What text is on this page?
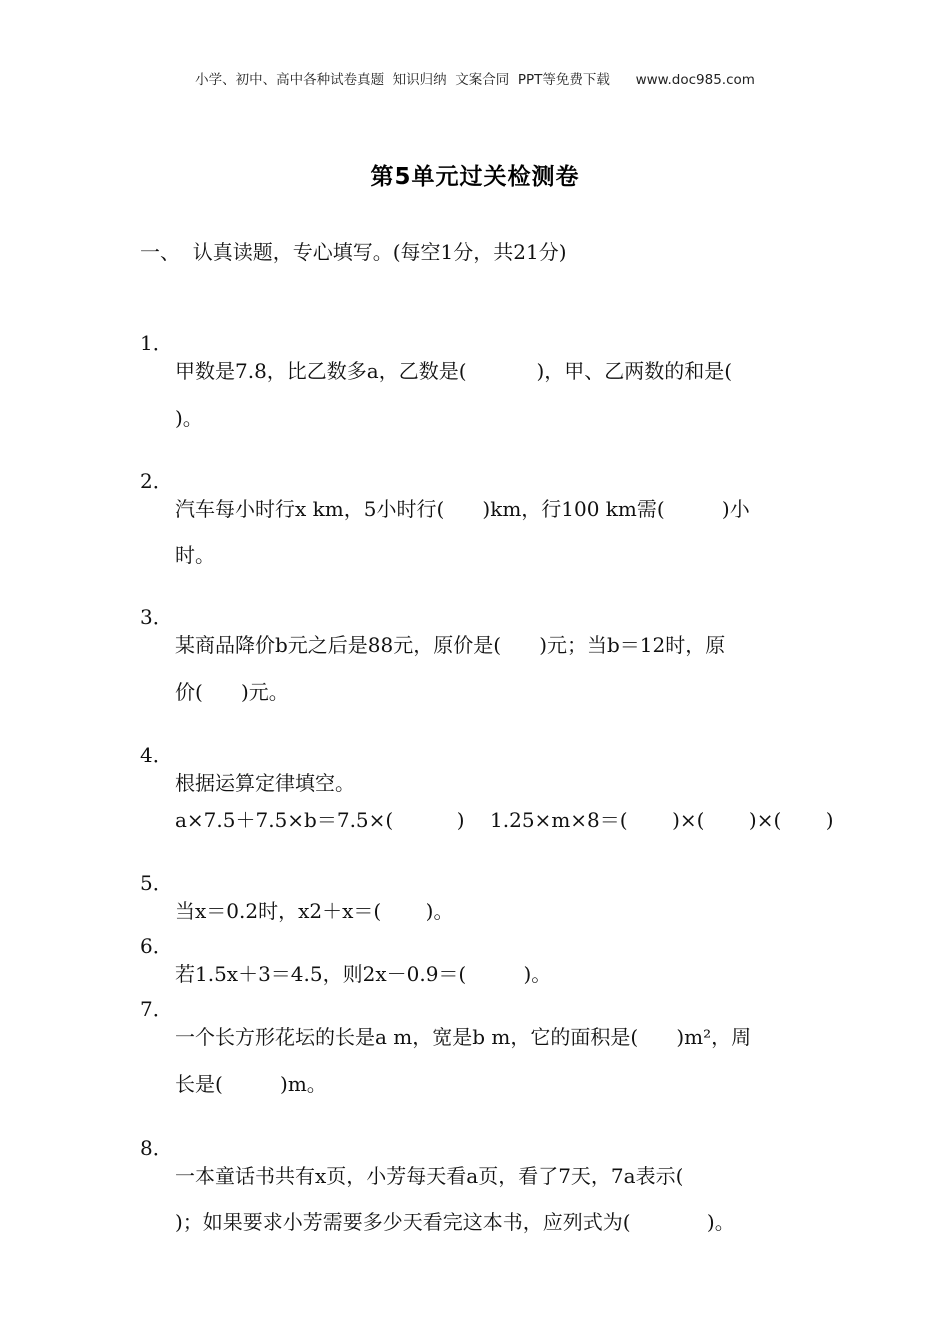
小学、初中、高中各种试卷真题  知识归纳  文案合同  PPT等免费下载      www.doc985.com
第5单元过关检测卷
一、  认真读题，专心填写。(每空1分，共21分)

1．

甲数是7.8，比乙数多a，乙数是(           )，甲、乙两数的和是(

)。

2．

汽车每小时行x km，5小时行(      )km，行100 km需(         )小

时。

3．

某商品降价b元之后是88元，原价是(      )元；当b＝12时，原

价(      )元。

4．

根据运算定律填空。

a×7.5＋7.5×b＝7.5×(          )    1.25×m×8＝(       )×(       )×(       )

5．

当x＝0.2时，x2＋x＝(       )。

6．

若1.5x＋3＝4.5，则2x－0.9＝(         )。

7．

一个长方形花坛的长是a m，宽是b m，它的面积是(      )m²，周

长是(         )m。

8．

一本童话书共有x页，小芳每天看a页，看了7天，7a表示(

)；如果要求小芳需要多少天看完这本书，应列式为(            )。
